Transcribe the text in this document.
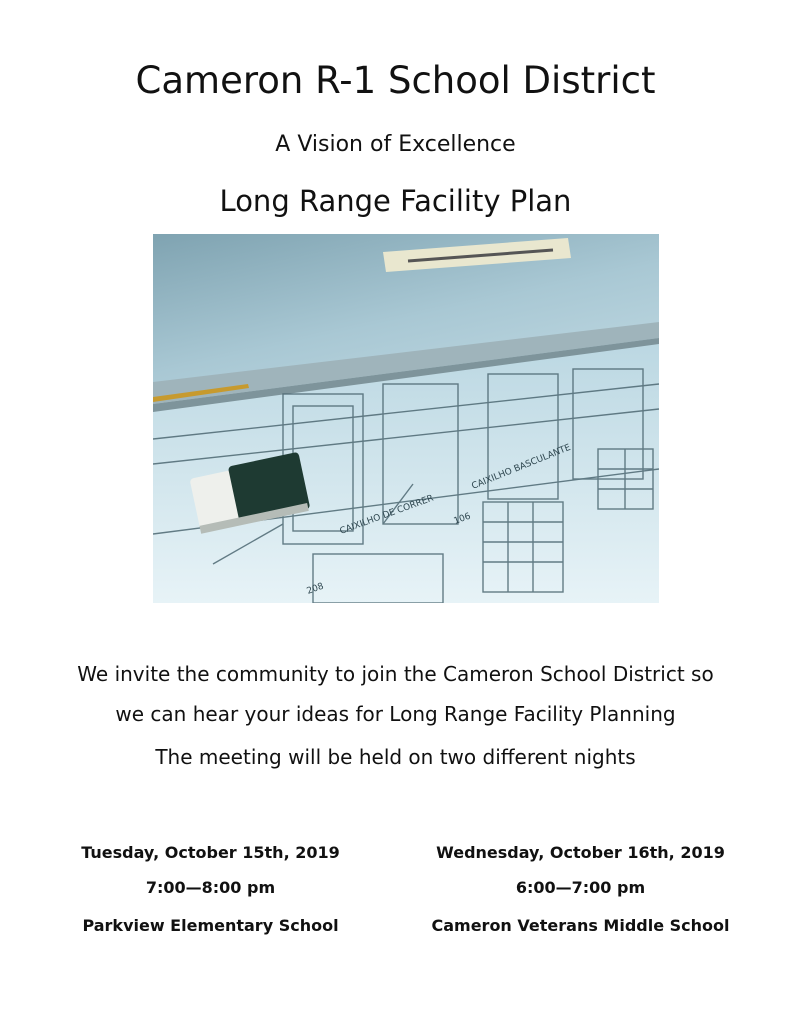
Cameron R-1 School District
A Vision of Excellence
Long Range Facility Plan
CAIXILHO DE CORRER
CAIXILHO BASCULANTE
208
106
We invite the community to join the Cameron School District so
we can hear your ideas for Long Range Facility Planning
The meeting will be held on two different nights
Tuesday, October 15th, 2019
7:00—8:00 pm
Parkview Elementary School
Wednesday, October 16th, 2019
6:00—7:00 pm
Cameron Veterans Middle School
